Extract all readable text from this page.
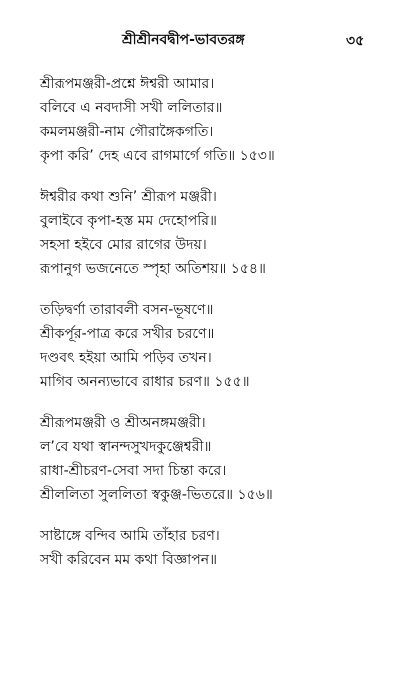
শ্রীশ্রীনবদ্বীপ-ভাবতরঙ্গ	৩৫
শ্রীরূপমঞ্জরী-প্রশ্নে ঈশ্বরী আমার।
বলিবে এ নবদাসী সখী ললিতার॥
কমলমঞ্জরী-নাম গৌরাঙ্গৈকগতি।
কৃপা করি’ দেহ এবে রাগমার্গে গতি॥ ১৫৩॥
ঈশ্বরীর কথা শুনি’ শ্রীরূপ মঞ্জরী।
বুলাইবে কৃপা-হস্ত মম দেহোপরি॥
সহসা হইবে মোর রাগের উদয়।
রূপানুগ ভজনেতে স্পৃহা অতিশয়॥ ১৫৪॥
তড়িদ্বর্ণা তারাবলী বসন-ভূষণে॥
শ্রীকর্পূর-পাত্র করে সখীর চরণে॥
দণ্ডবৎ হইয়া আমি পড়িব তখন।
মাগিব অনন্যভাবে রাধার চরণ॥ ১৫৫॥
শ্রীরূপমঞ্জরী ও শ্রীঅনঙ্গমঞ্জরী।
ল’বে যথা স্বানন্দসুখদকুঞ্জেশ্বরী॥
রাধা-শ্রীচরণ-সেবা সদা চিন্তা করে।
শ্রীললিতা সুললিতা স্বকুঞ্জ-ভিতরে॥ ১৫৬॥
সাষ্টাঙ্গে বন্দিব আমি তাঁহার চরণ।
সখী করিবেন মম কথা বিজ্ঞাপন॥
